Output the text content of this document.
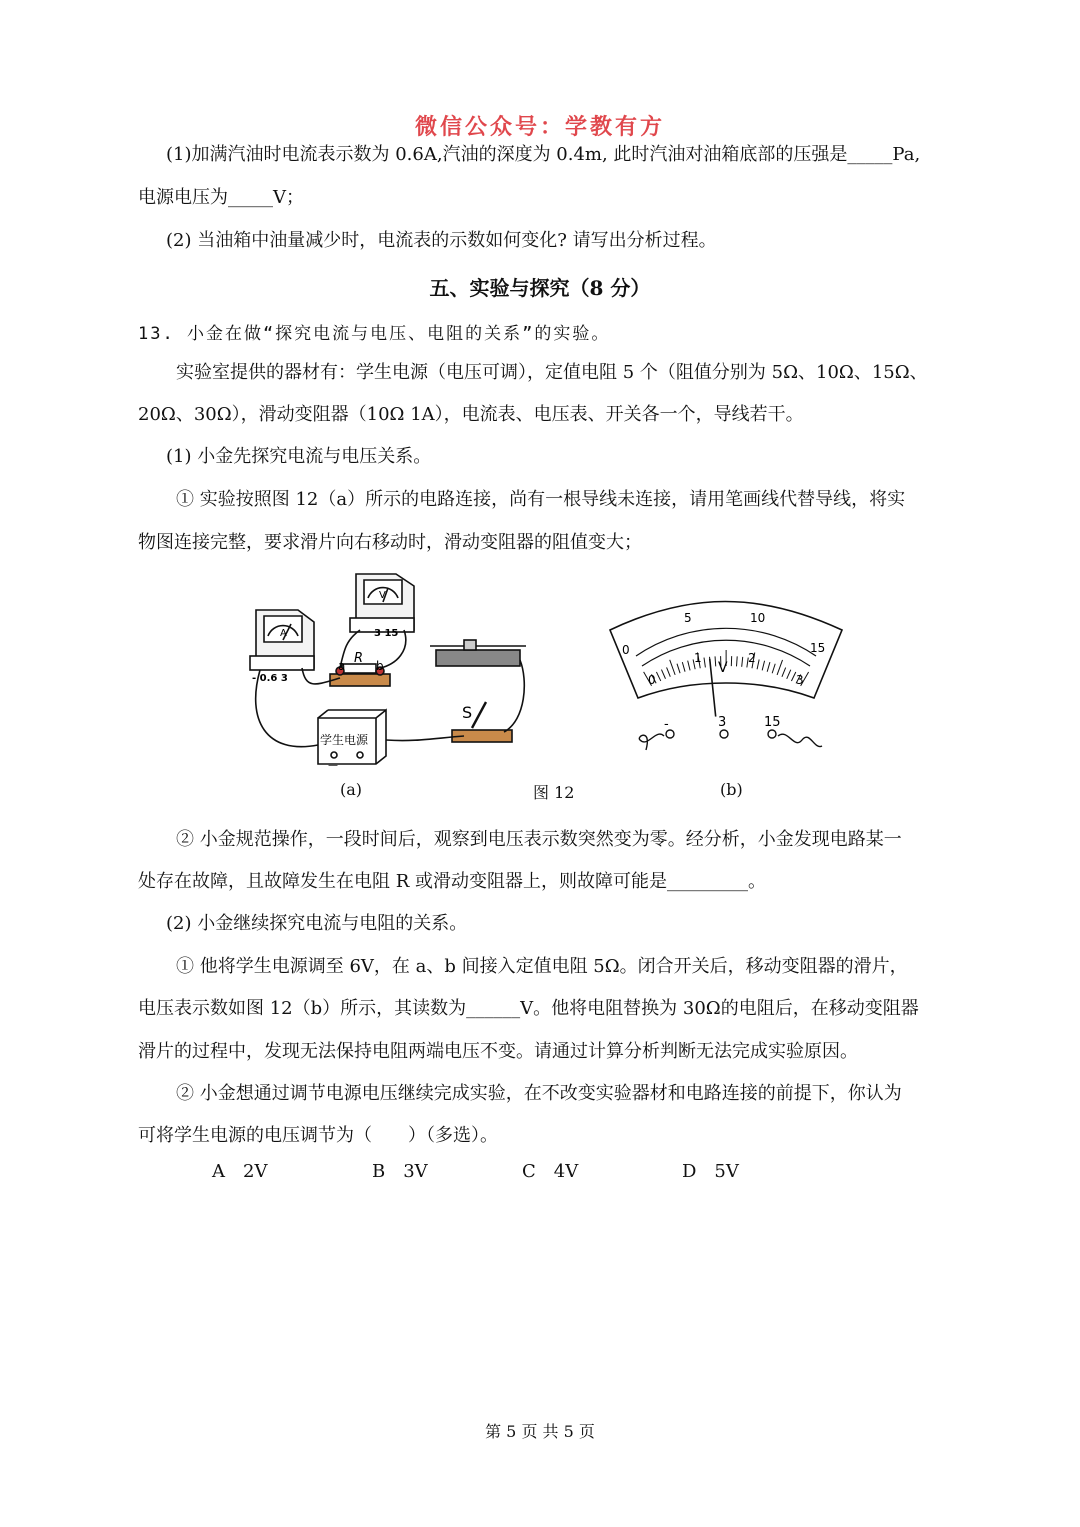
微信公众号：学教有方
(1)加满汽油时电流表示数为 0.6A,汽油的深度为 0.4m, 此时汽油对油箱底部的压强是_____Pa,
电源电压为_____V；
(2) 当油箱中油量减少时，电流表的示数如何变化? 请写出分析过程。
五、实验与探究（8 分）
13. 小金在做“探究电流与电压、电阻的关系”的实验。
实验室提供的器材有：学生电源（电压可调），定值电阻 5 个（阻值分别为 5Ω、10Ω、15Ω、
20Ω、30Ω），滑动变阻器（10Ω 1A），电流表、电压表、开关各一个，导线若干。
(1) 小金先探究电流与电压关系。
① 实验按照图 12（a）所示的电路连接，尚有一根导线未连接，请用笔画线代替导线，将实
物图连接完整，要求滑片向右移动时，滑动变阻器的阻值变大；
A
- 0.6 3
V
3 15
R
a	b
S
学生电源
—
0
5	10
15
0
1	2
3
V
-	3	15
(a)	图 12	(b)
② 小金规范操作，一段时间后，观察到电压表示数突然变为零。经分析，小金发现电路某一
处存在故障，且故障发生在电阻 R 或滑动变阻器上，则故障可能是_________。
(2) 小金继续探究电流与电阻的关系。
① 他将学生电源调至 6V，在 a、b 间接入定值电阻 5Ω。闭合开关后，移动变阻器的滑片，
电压表示数如图 12（b）所示，其读数为______V。他将电阻替换为 30Ω的电阻后，在移动变阻器
滑片的过程中，发现无法保持电阻两端电压不变。请通过计算分析判断无法完成实验原因。
② 小金想通过调节电源电压继续完成实验，在不改变实验器材和电路连接的前提下，你认为
可将学生电源的电压调节为（　　）（多选）。
A　2V	B　3V	C　4V	D　5V
第 5 页 共 5 页
